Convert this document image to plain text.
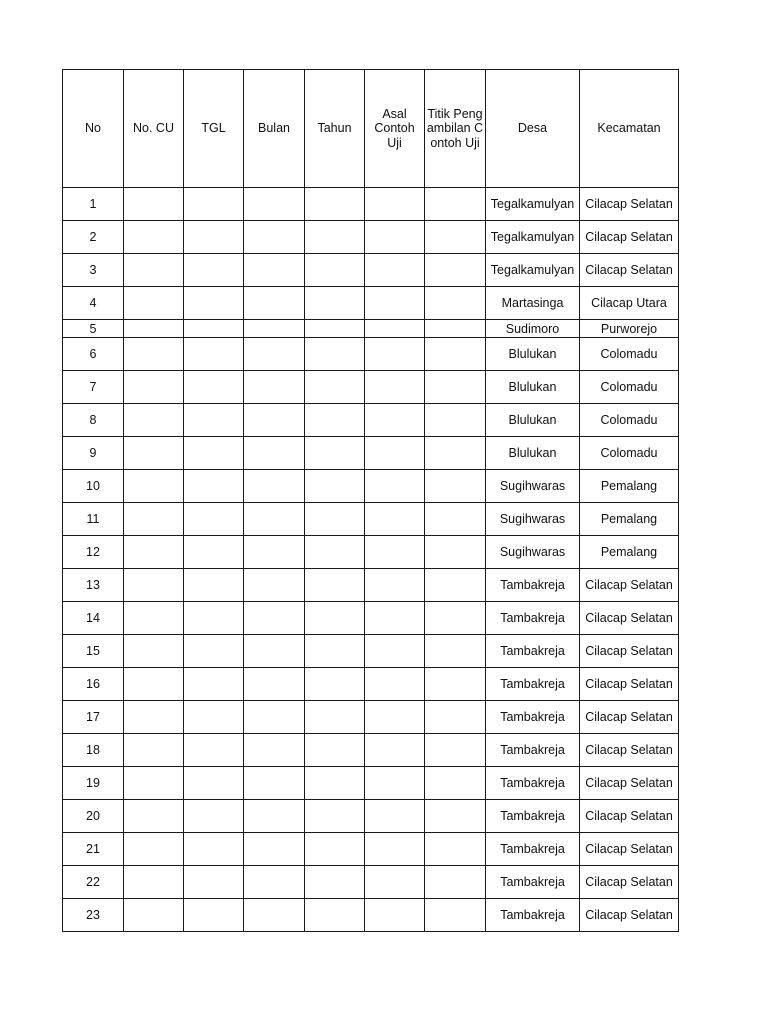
No	No. CU	TGL	Bulan	Tahun	Asal Contoh Uji	Titik Pengambilan Contoh Uji	Desa	Kecamatan
1							Tegalkamulyan	Cilacap Selatan
2							Tegalkamulyan	Cilacap Selatan
3							Tegalkamulyan	Cilacap Selatan
4							Martasinga	Cilacap Utara
5							Sudimoro	Purworejo
6							Blulukan	Colomadu
7							Blulukan	Colomadu
8							Blulukan	Colomadu
9							Blulukan	Colomadu
10							Sugihwaras	Pemalang
11							Sugihwaras	Pemalang
12							Sugihwaras	Pemalang
13							Tambakreja	Cilacap Selatan
14							Tambakreja	Cilacap Selatan
15							Tambakreja	Cilacap Selatan
16							Tambakreja	Cilacap Selatan
17							Tambakreja	Cilacap Selatan
18							Tambakreja	Cilacap Selatan
19							Tambakreja	Cilacap Selatan
20							Tambakreja	Cilacap Selatan
21							Tambakreja	Cilacap Selatan
22							Tambakreja	Cilacap Selatan
23							Tambakreja	Cilacap Selatan
